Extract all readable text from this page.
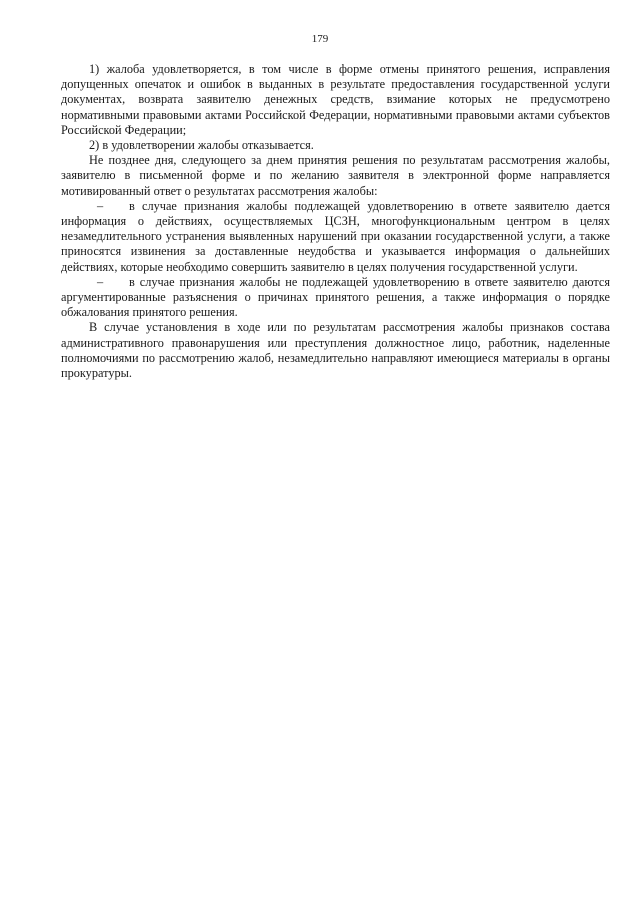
179

1) жалоба удовлетворяется, в том числе в форме отмены принятого решения, исправления допущенных опечаток и ошибок в выданных в результате предоставления государственной услуги документах, возврата заявителю денежных средств, взимание которых не предусмотрено нормативными правовыми актами Российской Федерации, нормативными правовыми актами субъектов Российской Федерации;

2) в удовлетворении жалобы отказывается.

Не позднее дня, следующего за днем принятия решения по результатам рассмотрения жалобы, заявителю в письменной форме и по желанию заявителя в электронной форме направляется мотивированный ответ о результатах рассмотрения жалобы:

– в случае признания жалобы подлежащей удовлетворению в ответе заявителю дается информация о действиях, осуществляемых ЦСЗН, многофункциональным центром в целях незамедлительного устранения выявленных нарушений при оказании государственной услуги, а также приносятся извинения за доставленные неудобства и указывается информация о дальнейших действиях, которые необходимо совершить заявителю в целях получения государственной услуги.

– в случае признания жалобы не подлежащей удовлетворению в ответе заявителю даются аргументированные разъяснения о причинах принятого решения, а также информация о порядке обжалования принятого решения.

В случае установления в ходе или по результатам рассмотрения жалобы признаков состава административного правонарушения или преступления должностное лицо, работник, наделенные полномочиями по рассмотрению жалоб, незамедлительно направляют имеющиеся материалы в органы прокуратуры.
